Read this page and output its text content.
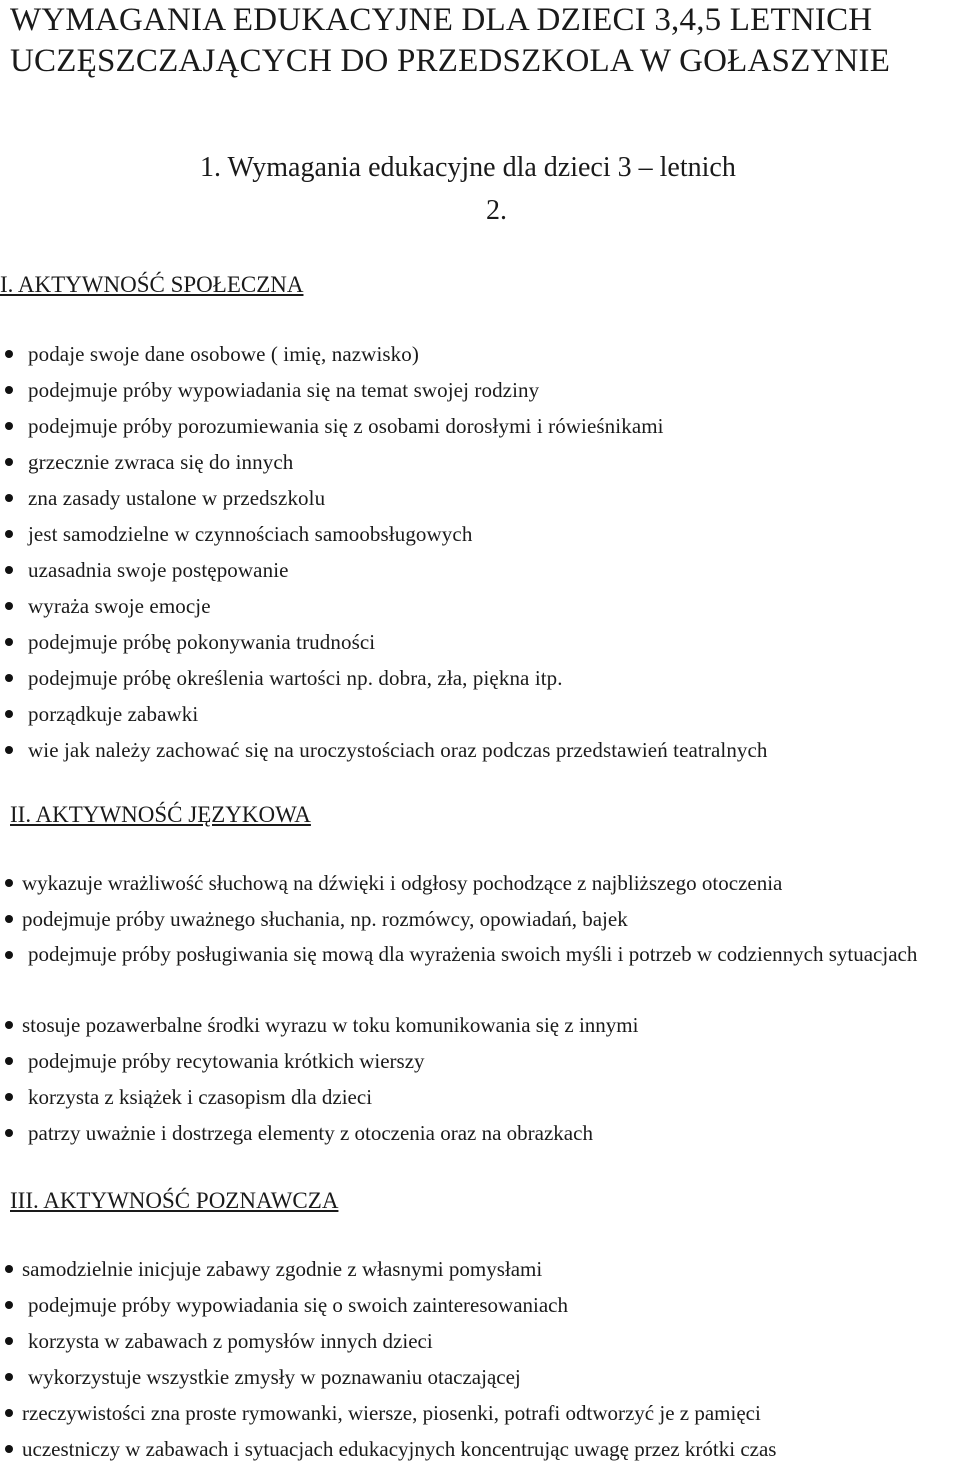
WYMAGANIA EDUKACYJNE DLA DZIECI 3,4,5 LETNICH UCZĘSZCZAJĄCYCH DO PRZEDSZKOLA W GOŁASZYNIE
1. Wymagania edukacyjne dla dzieci 3 – letnich
2.
I. AKTYWNOŚĆ SPOŁECZNA
podaje swoje dane osobowe ( imię, nazwisko)
podejmuje próby wypowiadania się na temat swojej rodziny
podejmuje próby porozumiewania się z osobami dorosłymi i rówieśnikami
grzecznie zwraca się do innych
zna zasady ustalone w przedszkolu
jest samodzielne w czynnościach samoobsługowych
uzasadnia swoje postępowanie
wyraża swoje emocje
podejmuje próbę pokonywania trudności
podejmuje próbę określenia wartości np. dobra, zła, piękna itp.
porządkuje zabawki
wie jak należy zachować się na uroczystościach oraz podczas przedstawień teatralnych
II. AKTYWNOŚĆ JĘZYKOWA
wykazuje wrażliwość słuchową na dźwięki i odgłosy pochodzące z najbliższego otoczenia
podejmuje próby uważnego słuchania, np. rozmówcy, opowiadań, bajek
podejmuje próby posługiwania się mową dla wyrażenia swoich myśli i potrzeb w codziennych sytuacjach
stosuje pozawerbalne środki wyrazu w toku komunikowania się z innymi
podejmuje próby recytowania krótkich wierszy
korzysta z książek i czasopism dla dzieci
patrzy uważnie i dostrzega elementy z otoczenia oraz na obrazkach
III. AKTYWNOŚĆ POZNAWCZA
samodzielnie inicjuje zabawy zgodnie z własnymi pomysłami
podejmuje próby wypowiadania się o swoich zainteresowaniach
korzysta w zabawach z pomysłów innych dzieci
wykorzystuje wszystkie zmysły w poznawaniu otaczającej
rzeczywistości zna proste rymowanki, wiersze, piosenki, potrafi odtworzyć je z pamięci
uczestniczy w zabawach i sytuacjach edukacyjnych koncentrując uwagę przez krótki czas
